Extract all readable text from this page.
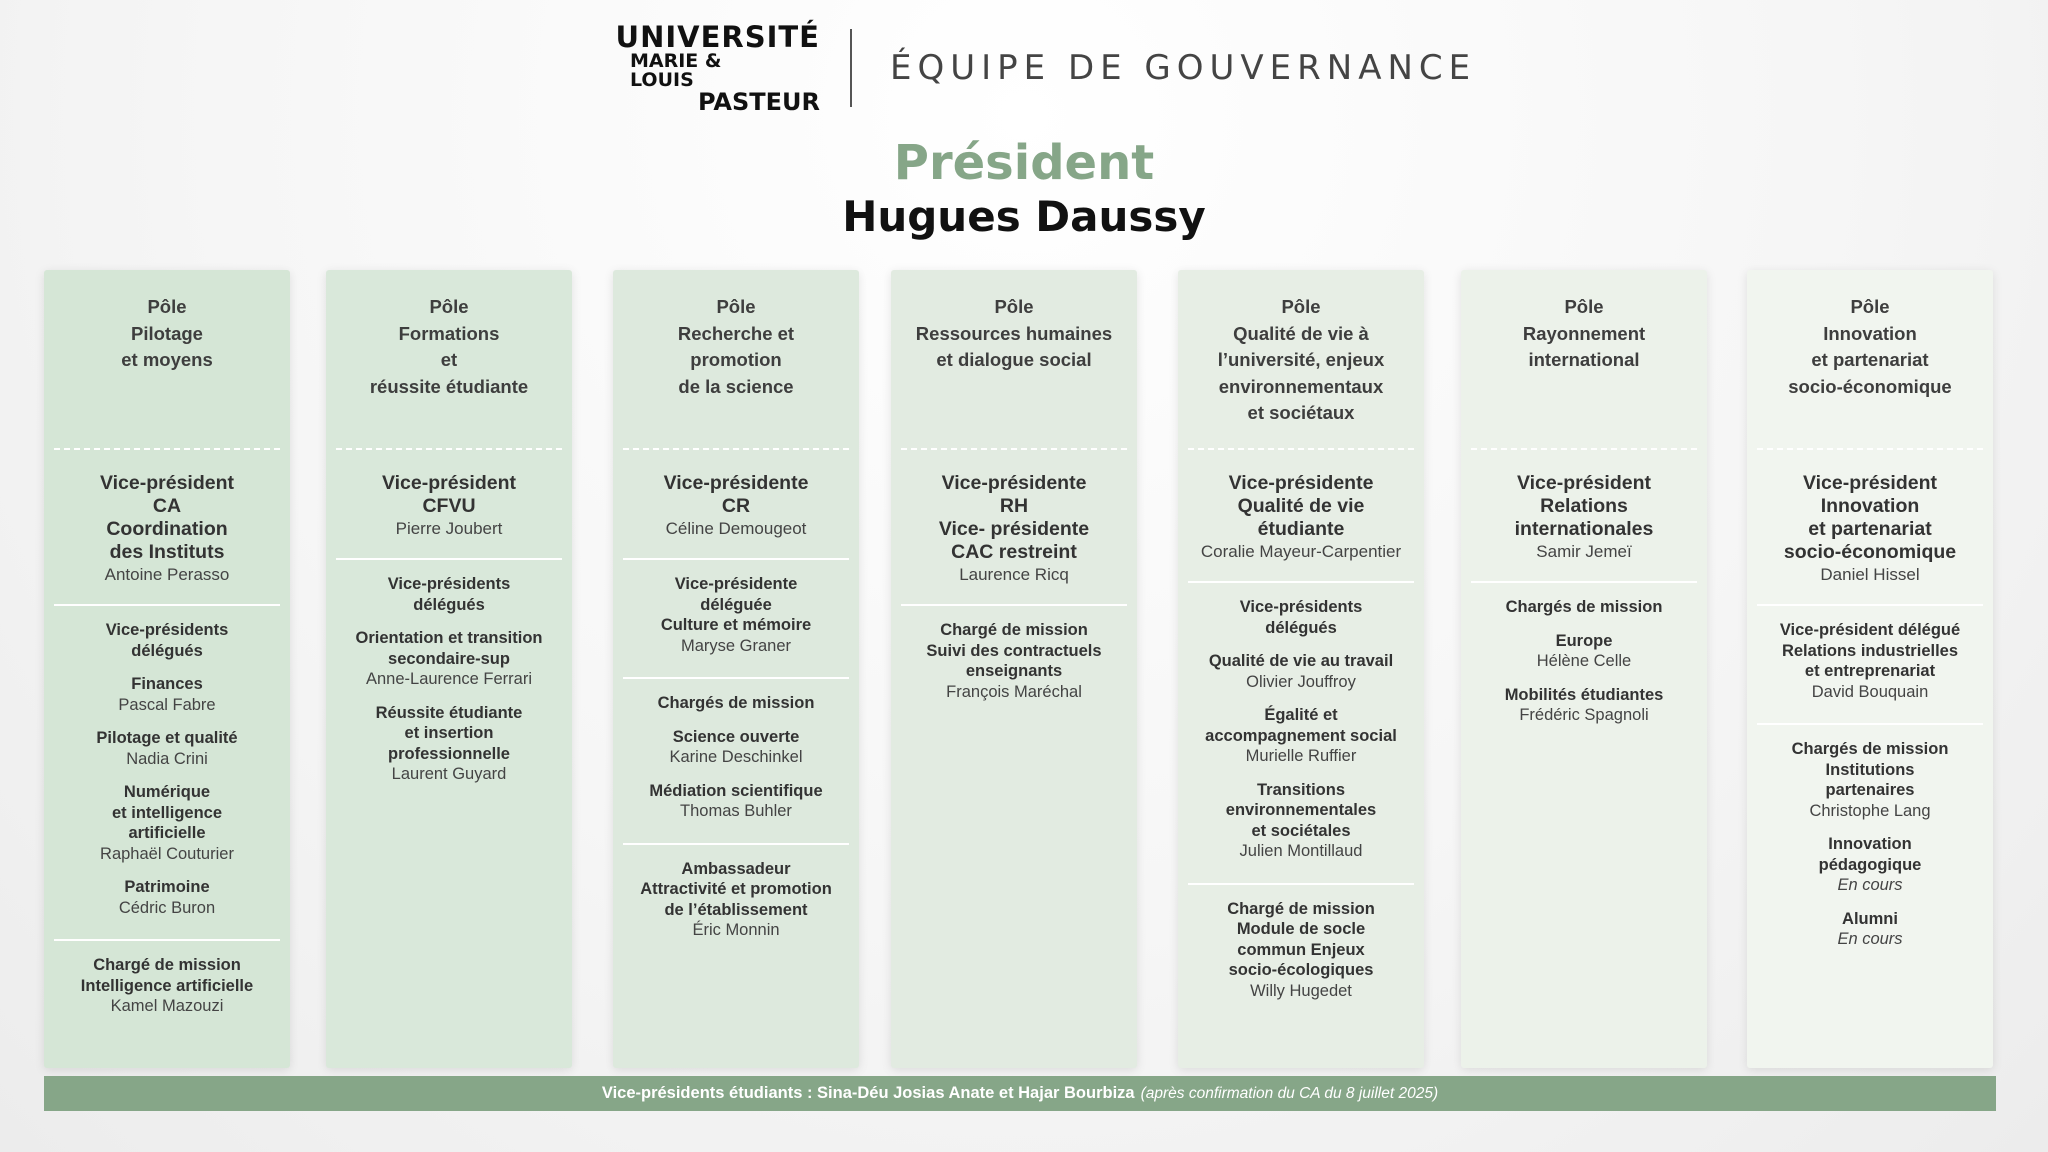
UNIVERSITÉ
MARIE & LOUIS
PASTEUR
ÉQUIPE DE GOUVERNANCE
Président
Hugues Daussy
Pôle
Pilotage
et moyens
Vice-président
CA
Coordination
des Instituts
Antoine Perasso
Vice-présidents
délégués
Finances
Pascal Fabre
Pilotage et qualité
Nadia Crini
Numérique
et intelligence
artificielle
Raphaël Couturier
Patrimoine
Cédric Buron
Chargé de mission
Intelligence artificielle
Kamel Mazouzi
Pôle
Formations
et
réussite étudiante
Vice-président
CFVU
Pierre Joubert
Vice-présidents
délégués
Orientation et transition
secondaire-sup
Anne-Laurence Ferrari
Réussite étudiante
et insertion
professionnelle
Laurent Guyard
Pôle
Recherche et
promotion
de la science
Vice-présidente
CR
Céline Demougeot
Vice-présidente
déléguée
Culture et mémoire
Maryse Graner
Chargés de mission
Science ouverte
Karine Deschinkel
Médiation scientifique
Thomas Buhler
Ambassadeur
Attractivité et promotion
de l’établissement
Éric Monnin
Pôle
Ressources humaines
et dialogue social
Vice-présidente
RH
Vice- présidente
CAC restreint
Laurence Ricq
Chargé de mission
Suivi des contractuels
enseignants
François Maréchal
Pôle
Qualité de vie à
l’université, enjeux
environnementaux
et sociétaux
Vice-présidente
Qualité de vie
étudiante
Coralie Mayeur-Carpentier
Vice-présidents
délégués
Qualité de vie au travail
Olivier Jouffroy
Égalité et
accompagnement social
Murielle Ruffier
Transitions
environnementales
et sociétales
Julien Montillaud
Chargé de mission
Module de socle
commun Enjeux
socio-écologiques
Willy Hugedet
Pôle
Rayonnement
international
Vice-président
Relations
internationales
Samir Jemeï
Chargés de mission
Europe
Hélène Celle
Mobilités étudiantes
Frédéric Spagnoli
Pôle
Innovation
et partenariat
socio-économique
Vice-président
Innovation
et partenariat
socio-économique
Daniel Hissel
Vice-président délégué
Relations industrielles
et entreprenariat
David Bouquain
Chargés de mission
Institutions
partenaires
Christophe Lang
Innovation
pédagogique
En cours
Alumni
En cours
Vice-présidents étudiants : Sina-Déu Josias Anate et Hajar Bourbiza (après confirmation du CA du 8 juillet 2025)
